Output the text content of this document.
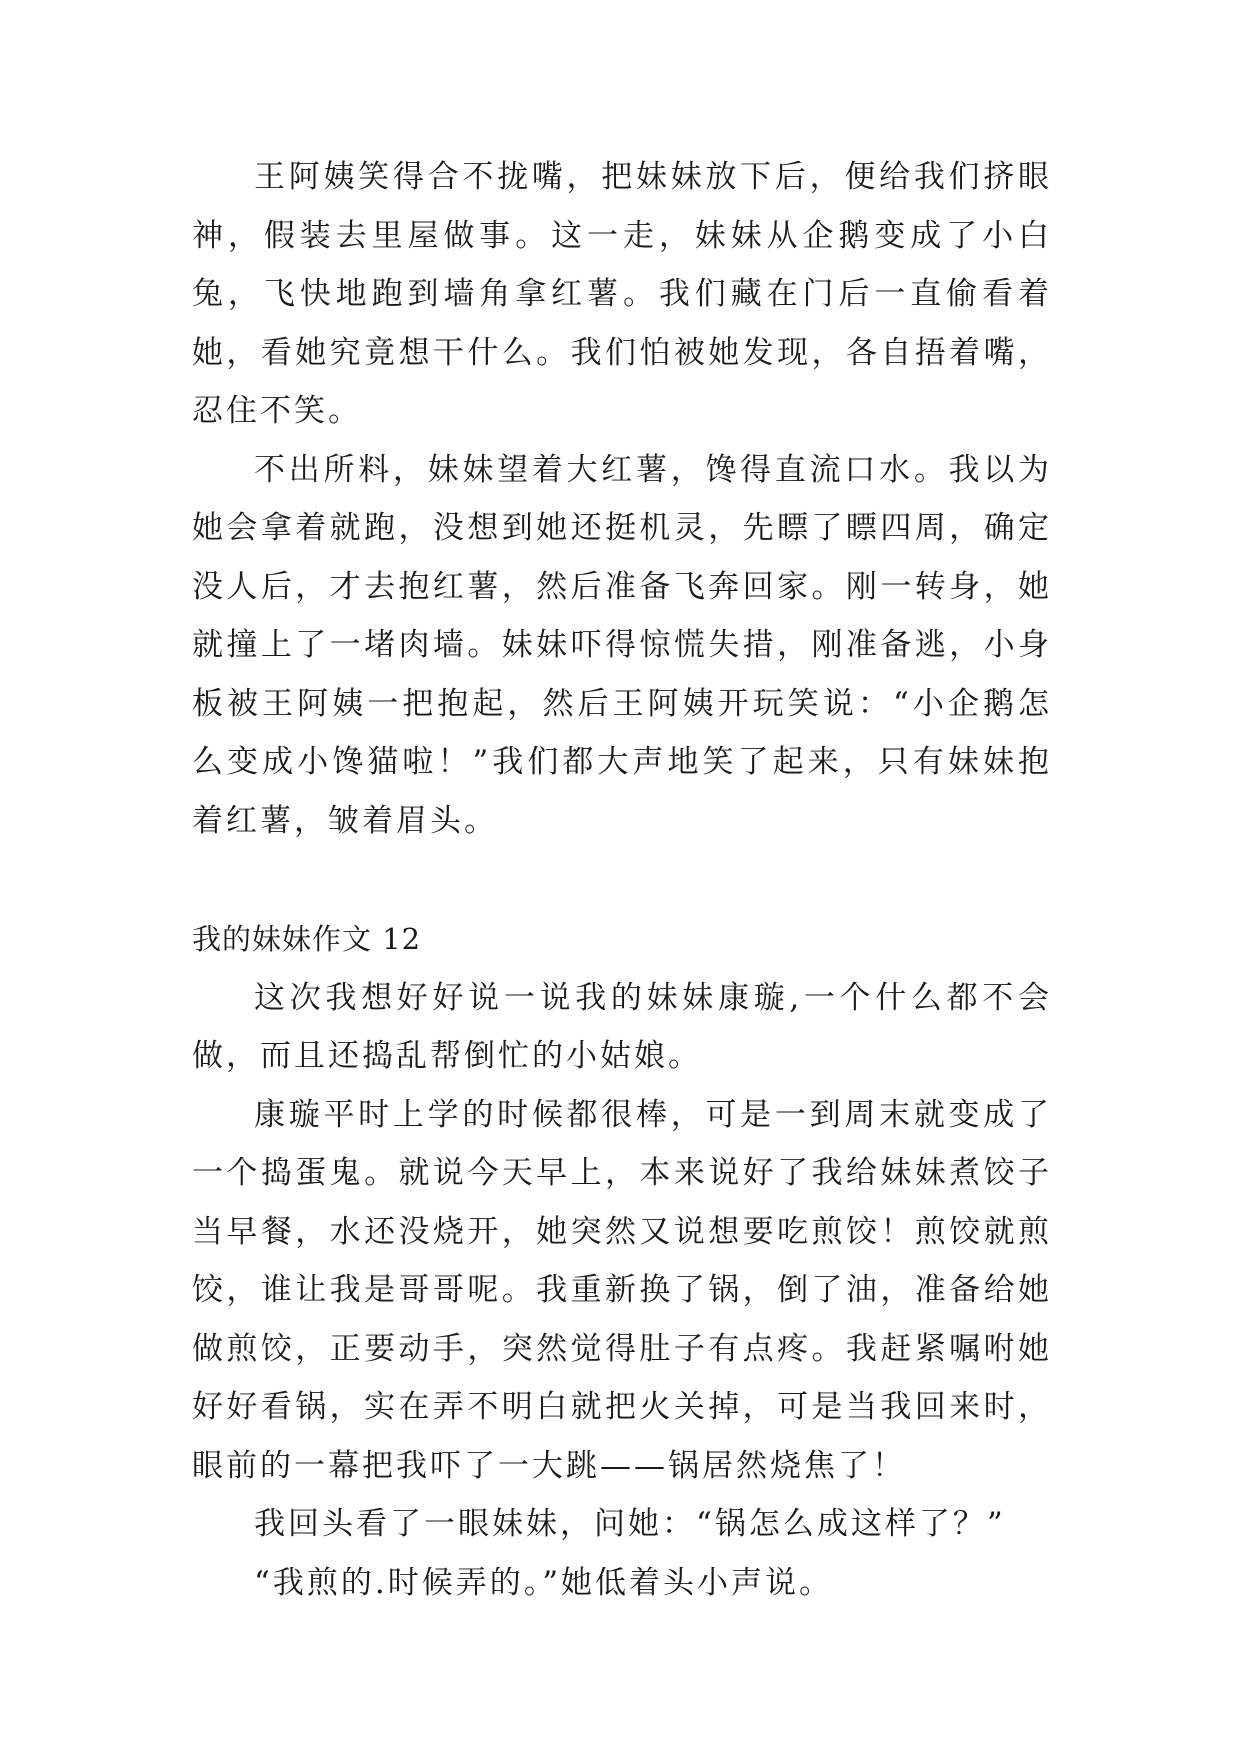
王阿姨笑得合不拢嘴，把妹妹放下后，便给我们挤眼神，假装去里屋做事。这一走，妹妹从企鹅变成了小白兔，飞快地跑到墙角拿红薯。我们藏在门后一直偷看着她，看她究竟想干什么。我们怕被她发现，各自捂着嘴，忍住不笑。

不出所料，妹妹望着大红薯，馋得直流口水。我以为她会拿着就跑，没想到她还挺机灵，先瞟了瞟四周，确定没人后，才去抱红薯，然后准备飞奔回家。刚一转身，她就撞上了一堵肉墙。妹妹吓得惊慌失措，刚准备逃，小身板被王阿姨一把抱起，然后王阿姨开玩笑说：“小企鹅怎么变成小馋猫啦！”我们都大声地笑了起来，只有妹妹抱着红薯，皱着眉头。

我的妹妹作文 12

这次我想好好说一说我的妹妹康璇,一个什么都不会做，而且还捣乱帮倒忙的小姑娘。

康璇平时上学的时候都很棒，可是一到周末就变成了一个捣蛋鬼。就说今天早上，本来说好了我给妹妹煮饺子当早餐，水还没烧开，她突然又说想要吃煎饺！煎饺就煎饺，谁让我是哥哥呢。我重新换了锅，倒了油，准备给她做煎饺，正要动手，突然觉得肚子有点疼。我赶紧嘱咐她好好看锅，实在弄不明白就把火关掉，可是当我回来时，眼前的一幕把我吓了一大跳——锅居然烧焦了！

我回头看了一眼妹妹，问她：“锅怎么成这样了？”

“我煎的.时候弄的。”她低着头小声说。
